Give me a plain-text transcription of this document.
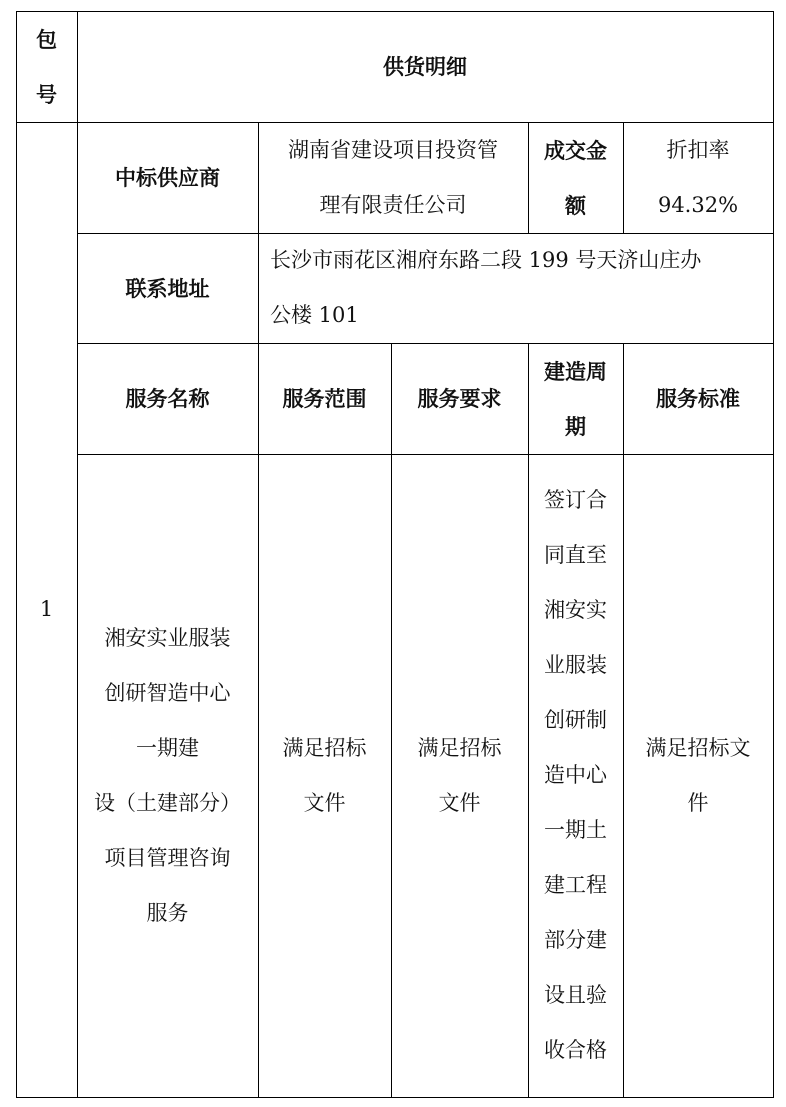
包
号
供货明细
1
中标供应商
湖南省建设项目投资管
理有限责任公司
成交金
额
折扣率
94.32%
联系地址
长沙市雨花区湘府东路二段 199 号天济山庄办
公楼 101
服务名称	服务范围	服务要求
建造周
期
服务标准
湘安实业服装
创研智造中心
一期建
设（土建部分）
项目管理咨询
服务
满足招标
文件
满足招标
文件
签订合
同直至
湘安实
业服装
创研制
造中心
一期土
建工程
部分建
设且验
收合格
满足招标文
件
